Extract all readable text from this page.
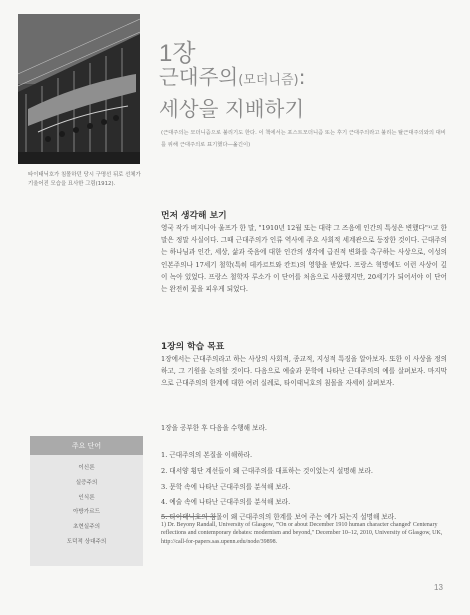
타이태닉호가 침몰하던 당시 구명선 뒤로 선체가 기울어진 모습을 묘사한 그림(1912).
1장
근대주의(모더니즘):
세상을 지배하기
(근대주의는 모더니즘으로 불리기도 한다. 이 책에서는 포스트모더니즘 또는 후기 근대주의라고 불리는 탈근대주의와의 대비를 위해 근대주의로 표기했다―옮긴이)
먼저 생각해 보기

영국 작가 버지니아 울프가 한 말, "1910년 12월 또는 대략 그 즈음에 인간의 특성은 변했다"¹⁾고 한 말은 정말 사실이다. 그때 근대주의가 인류 역사에 주요 사회적 세계관으로 등장한 것이다. 근대주의는 하나님과 인간, 세상, 삶과 죽음에 대한 인간의 생각에 급진적 변화를 촉구하는 사상으로, 이성의 인본주의나 17세기 철학(특히 데카르트와 칸트)의 영향을 받았다. 프랑스 혁명에도 이런 사상이 깊이 녹아 있었다. 프랑스 철학자 루소가 이 단어를 처음으로 사용했지만, 20세기가 되어서야 이 단어는 완전히 꽃을 피우게 되었다.

1장의 학습 목표

1장에서는 근대주의라고 하는 사상의 사회적, 종교적, 지성적 특징을 알아보자. 또한 이 사상을 정의하고, 그 기원을 논의할 것이다. 다음으로 예술과 문학에 나타난 근대주의의 예를 살펴보자. 마지막으로 근대주의의 한계에 대한 여러 실례로, 타이태닉호의 침몰을 자세히 살펴보자.

1장을 공부한 후 다음을 수행해 보라.

1. 근대주의의 본질을 이해하라.
2. 대서양 횡단 계선들이 왜 근대주의를 대표하는 것이었는지 설명해 보라.
3. 문학 속에 나타난 근대주의를 분석해 보라.
4. 예술 속에 나타난 근대주의를 분석해 보라.
5. 타이태닉호의 침몰이 왜 근대주의의 한계를 보여 주는 예가 되는지 설명해 보라.
주요 단어
이신론
실증주의
인식론
아방가르드
초현실주의
도덕적 상대주의
1) Dr. Beyony Randall, University of Glasgow, "'On or about December 1910 human character changed' Centenary reflections and contemporary debates: modernism and beyond," December 10–12, 2010, University of Glasgow, UK, http://call-for-papers.sas.upenn.edu/node/39898.
13
